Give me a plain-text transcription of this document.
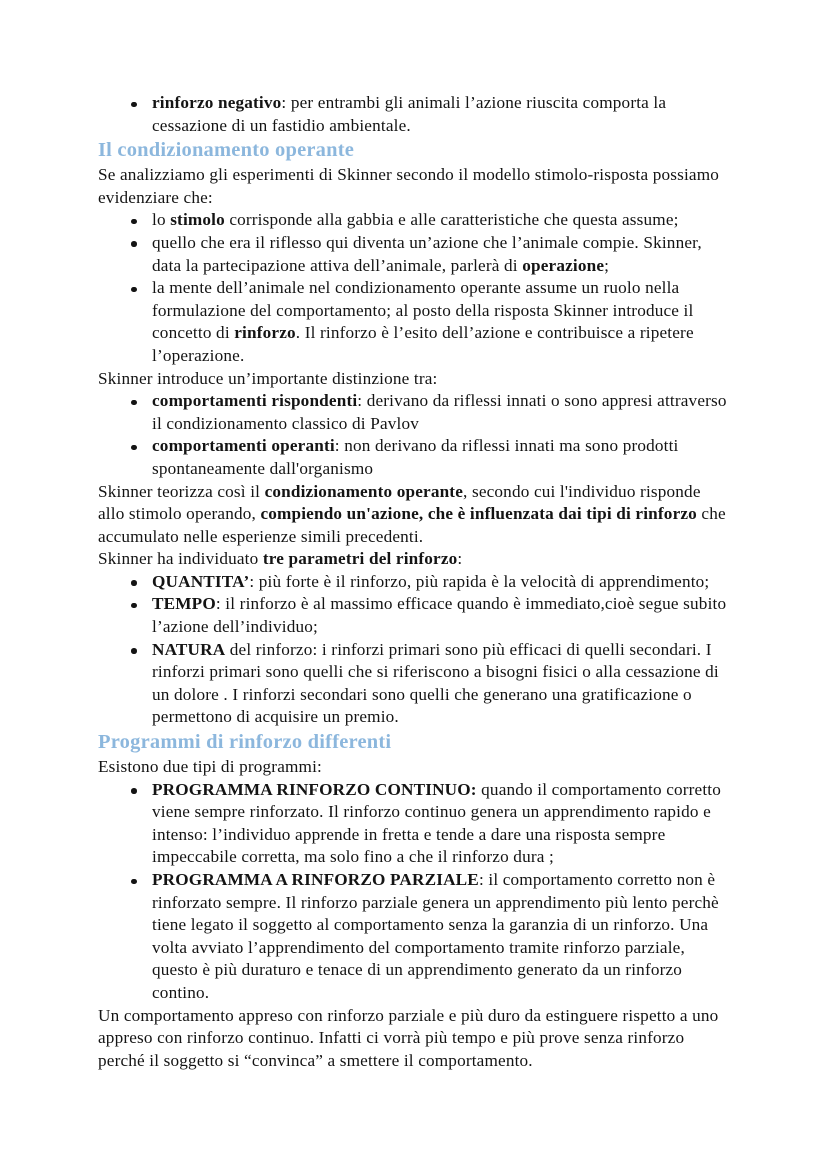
rinforzo negativo: per entrambi gli animali l’azione riuscita comporta la cessazione di un fastidio ambientale.
Il condizionamento operante

Se analizziamo gli esperimenti di Skinner secondo il modello stimolo-risposta possiamo evidenziare che:

lo stimolo corrisponde alla gabbia e alle caratteristiche che questa assume;
quello che era il riflesso qui diventa un’azione che l’animale compie. Skinner, data la partecipazione attiva dell’animale, parlerà di operazione;
la mente dell’animale nel condizionamento operante assume un ruolo nella formulazione del comportamento; al posto della risposta Skinner introduce il concetto di rinforzo. Il rinforzo è l’esito dell’azione e contribuisce a ripetere l’operazione.

Skinner introduce un’importante distinzione tra:

comportamenti rispondenti: derivano da riflessi innati o sono appresi attraverso il condizionamento classico di Pavlov
comportamenti operanti: non derivano da riflessi innati ma sono prodotti spontaneamente dall'organismo

Skinner teorizza così il condizionamento operante, secondo cui l'individuo risponde allo stimolo operando, compiendo un'azione, che è influenzata dai tipi di rinforzo che accumulato nelle esperienze simili precedenti.

Skinner ha individuato tre parametri del rinforzo:

QUANTITA’: più forte è il rinforzo, più rapida è la velocità di apprendimento;
TEMPO: il rinforzo è al massimo efficace quando è immediato,cioè segue subito l’azione dell’individuo;
NATURA del rinforzo: i rinforzi primari sono più efficaci di quelli secondari. I rinforzi primari sono quelli che si riferiscono a bisogni fisici o alla cessazione di un dolore . I rinforzi secondari sono quelli che generano una gratificazione o permettono di acquisire un premio.
Programmi di rinforzo differenti

Esistono due tipi di programmi:

PROGRAMMA RINFORZO CONTINUO: quando il comportamento corretto viene sempre rinforzato. Il rinforzo continuo genera un apprendimento rapido e intenso: l’individuo apprende in fretta e tende a dare una risposta sempre impeccabile corretta, ma solo fino a che il rinforzo dura ;
PROGRAMMA A RINFORZO PARZIALE: il comportamento corretto non è rinforzato sempre. Il rinforzo parziale genera un apprendimento più lento perchè tiene legato il soggetto al comportamento senza la garanzia di un rinforzo. Una volta avviato l’apprendimento del comportamento tramite rinforzo parziale, questo è più duraturo e tenace di un apprendimento generato da un rinforzo contino.

Un comportamento appreso con rinforzo parziale e più duro da estinguere rispetto a uno appreso con rinforzo continuo. Infatti ci vorrà più tempo e più prove senza rinforzo perché il soggetto si “convinca” a smettere il comportamento.
